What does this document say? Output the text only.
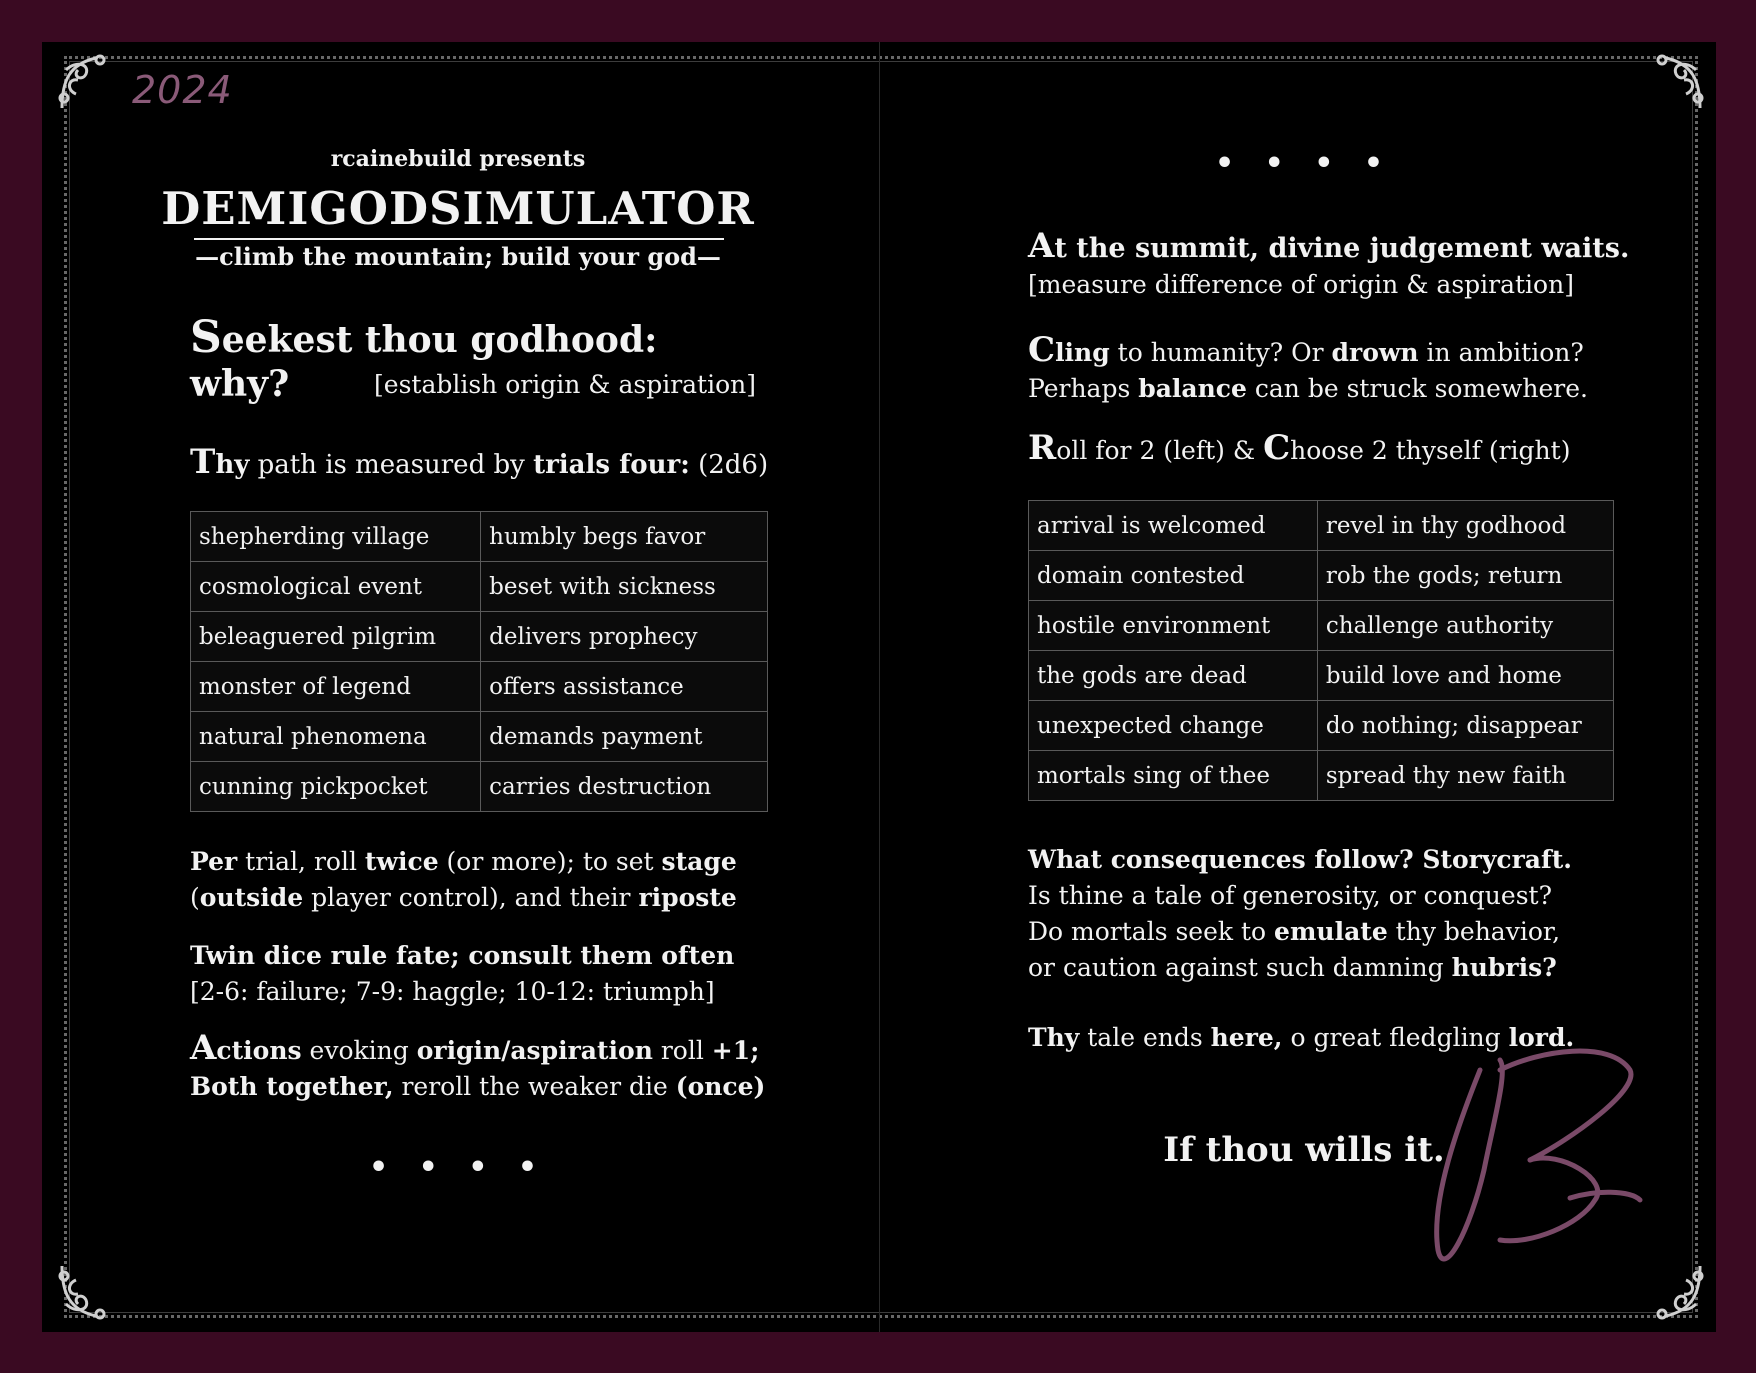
2024
rcainebuild presents
DEMIGODSIMULATOR
—climb the mountain; build your god—
Seekest thou godhood: why?	[establish origin & aspiration]
Thy path is measured by trials four: (2d6)
shepherding village	humbly begs favor
cosmological event	beset with sickness
beleaguered pilgrim	delivers prophecy
monster of legend	offers assistance
natural phenomena	demands payment
cunning pickpocket	carries destruction
Per trial, roll twice (or more); to set stage
(outside player control), and their riposte
Twin dice rule fate; consult them often
[2-6: failure; 7-9: haggle; 10-12: triumph]
Actions evoking origin/aspiration roll +1;
Both together, reroll the weaker die (once)
• • • •
• • • •
At the summit, divine judgement waits.
[measure difference of origin & aspiration]
Cling to humanity? Or drown in ambition?
Perhaps balance can be struck somewhere.
Roll for 2 (left) & Choose 2 thyself (right)
arrival is welcomed	revel in thy godhood
domain contested	rob the gods; return
hostile environment	challenge authority
the gods are dead	build love and home
unexpected change	do nothing; disappear
mortals sing of thee	spread thy new faith
What consequences follow? Storycraft.
Is thine a tale of generosity, or conquest?
Do mortals seek to emulate thy behavior,
or caution against such damning hubris?
Thy tale ends here, o great fledgling lord.
If thou wills it.
